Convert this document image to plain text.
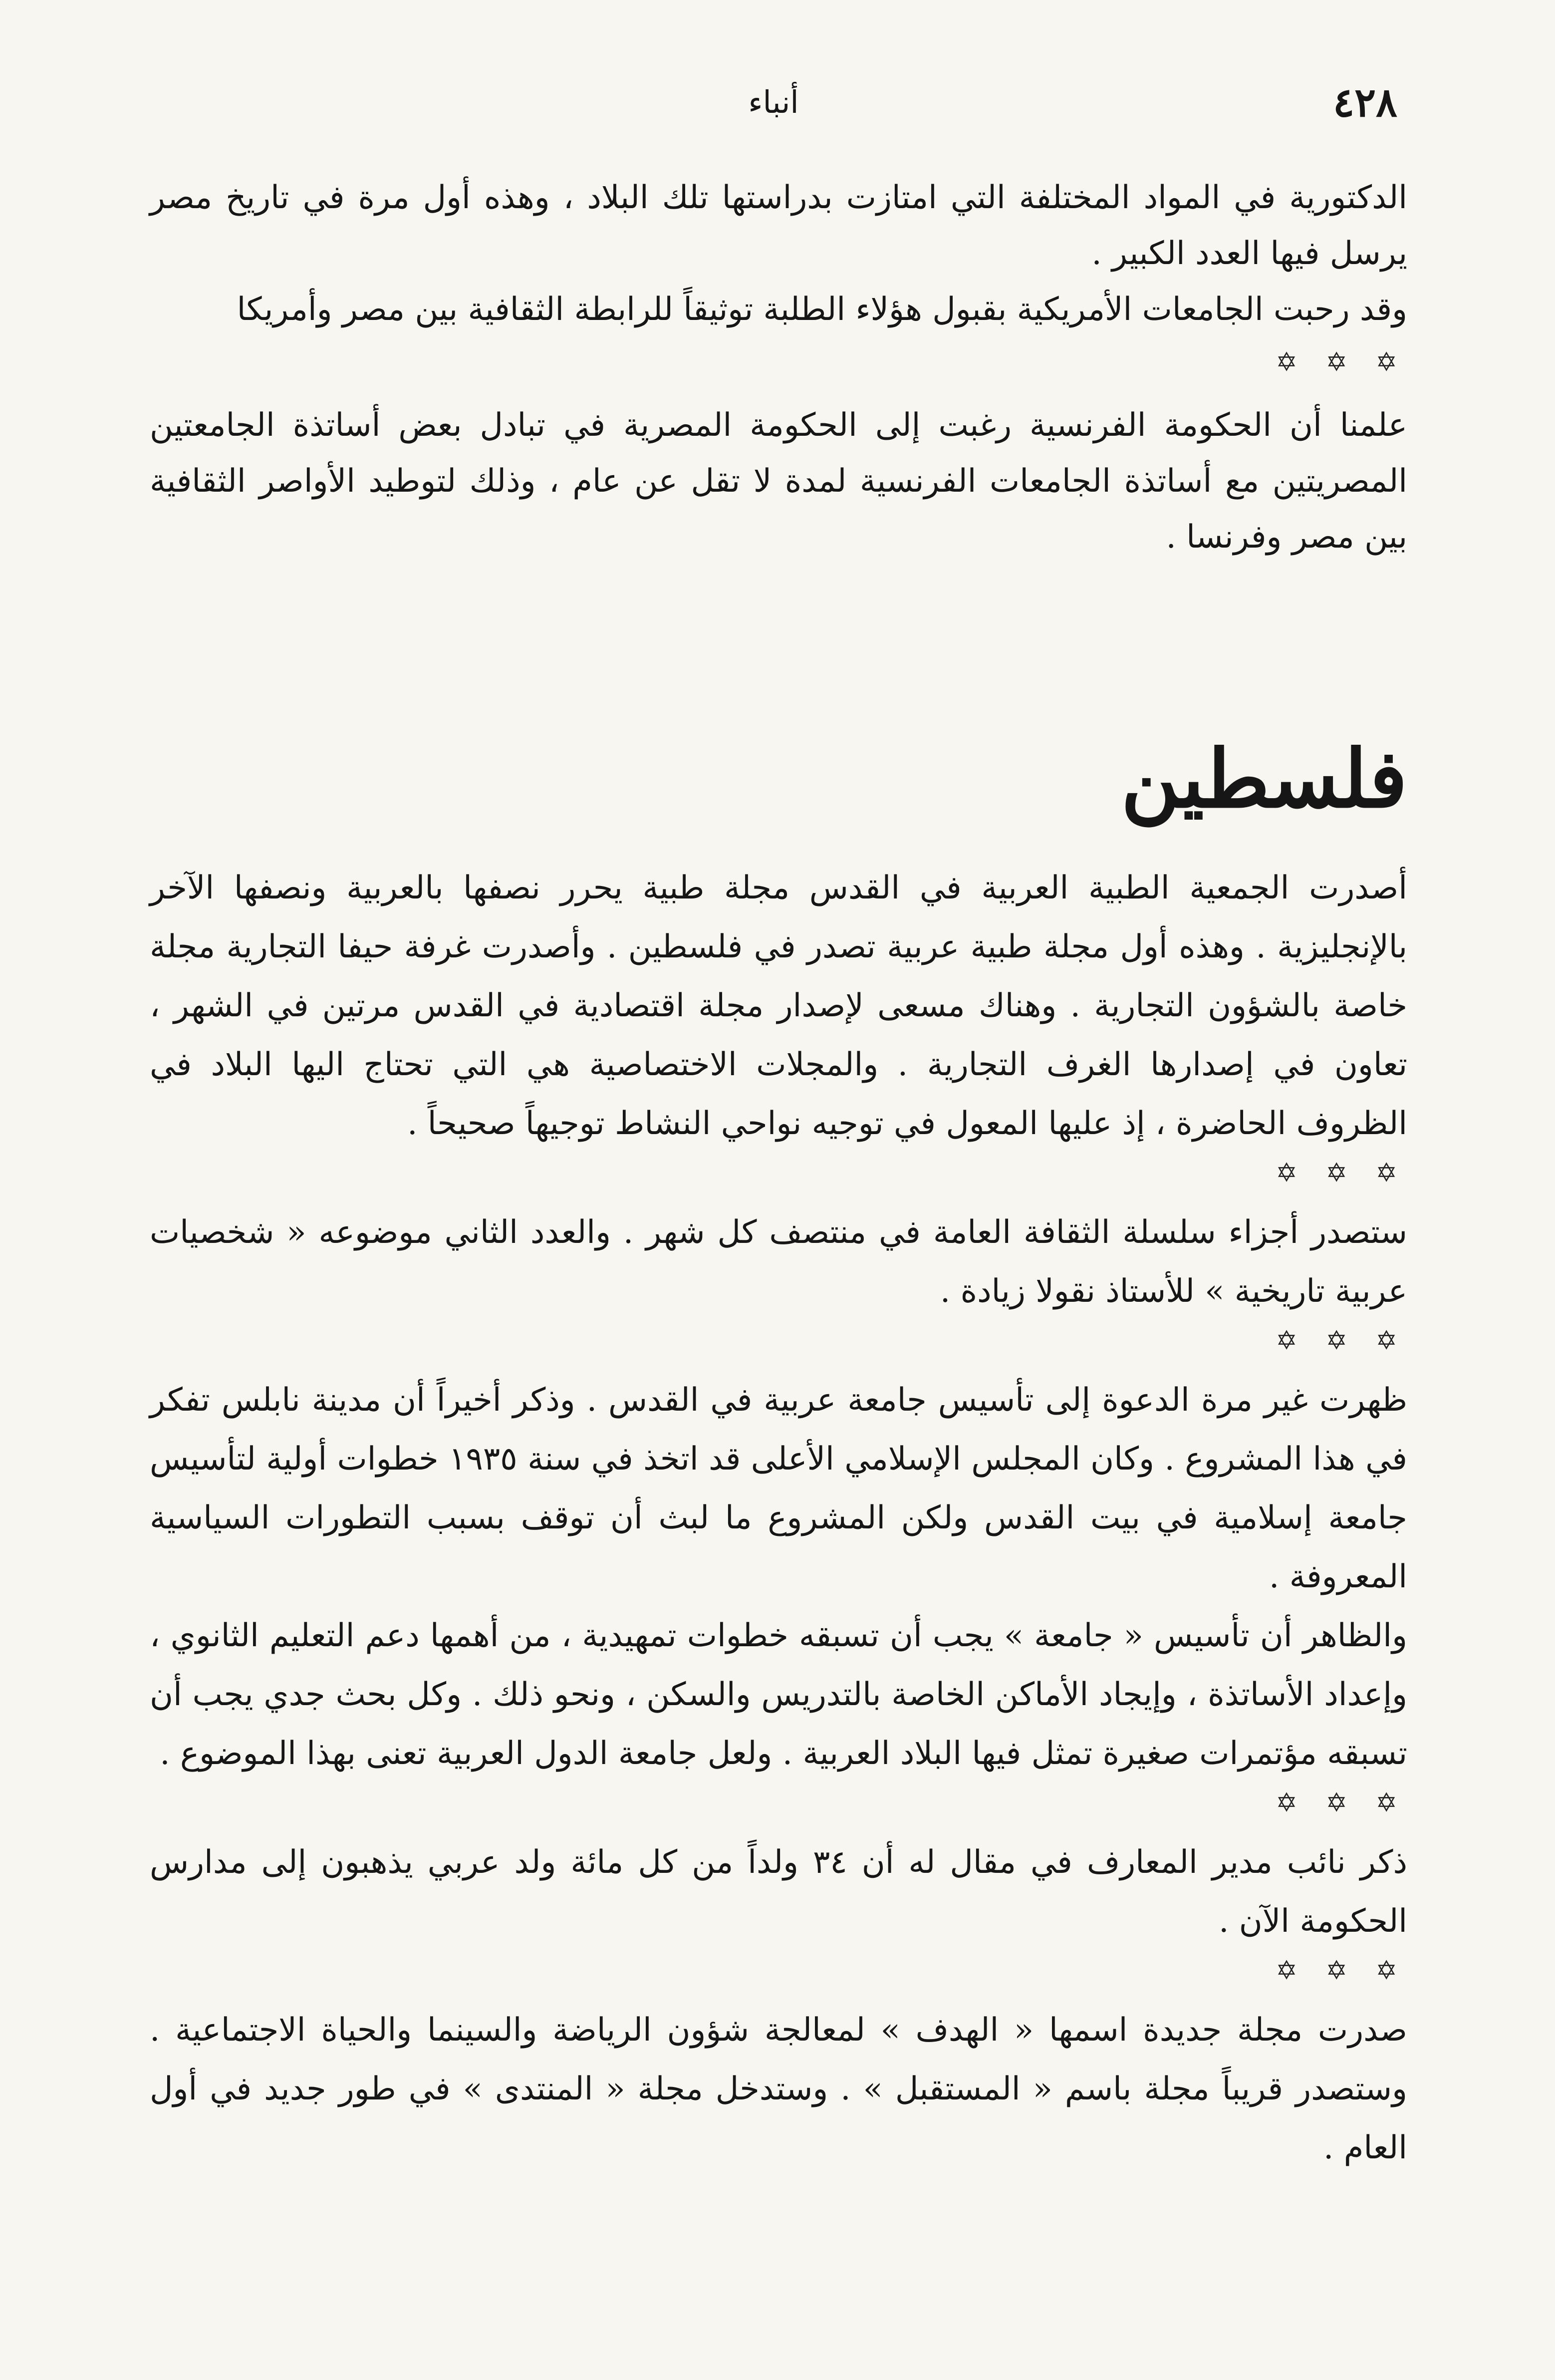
٤٢٨
أنباء

الدكتورية في المواد المختلفة التي امتازت بدراستها تلك البلاد ، وهذه أول مرة في تاريخ مصر يرسل فيها العدد الكبير .

وقد رحبت الجامعات الأمريكية بقبول هؤلاء الطلبة توثيقاً للرابطة الثقافية بين مصر وأمريكا

✡ ✡ ✡

علمنا أن الحكومة الفرنسية رغبت إلى الحكومة المصرية في تبادل بعض أساتذة الجامعتين المصريتين مع أساتذة الجامعات الفرنسية لمدة لا تقل عن عام ، وذلك لتوطيد الأواصر الثقافية بين مصر وفرنسا .

فلسطين

أصدرت الجمعية الطبية العربية في القدس مجلة طبية يحرر نصفها بالعربية ونصفها الآخر بالإنجليزية . وهذه أول مجلة طبية عربية تصدر في فلسطين . وأصدرت غرفة حيفا التجارية مجلة خاصة بالشؤون التجارية . وهناك مسعى لإصدار مجلة اقتصادية في القدس مرتين في الشهر ، تعاون في إصدارها الغرف التجارية . والمجلات الاختصاصية هي التي تحتاج اليها البلاد في الظروف الحاضرة ، إذ عليها المعول في توجيه نواحي النشاط توجيهاً صحيحاً .

✡ ✡ ✡

ستصدر أجزاء سلسلة الثقافة العامة في منتصف كل شهر . والعدد الثاني موضوعه « شخصيات عربية تاريخية » للأستاذ نقولا زيادة .

✡ ✡ ✡

ظهرت غير مرة الدعوة إلى تأسيس جامعة عربية في القدس . وذكر أخيراً أن مدينة نابلس تفكر في هذا المشروع . وكان المجلس الإسلامي الأعلى قد اتخذ في سنة ١٩٣٥ خطوات أولية لتأسيس جامعة إسلامية في بيت القدس ولكن المشروع ما لبث أن توقف بسبب التطورات السياسية المعروفة .

والظاهر أن تأسيس « جامعة » يجب أن تسبقه خطوات تمهيدية ، من أهمها دعم التعليم الثانوي ، وإعداد الأساتذة ، وإيجاد الأماكن الخاصة بالتدريس والسكن ، ونحو ذلك . وكل بحث جدي يجب أن تسبقه مؤتمرات صغيرة تمثل فيها البلاد العربية . ولعل جامعة الدول العربية تعنى بهذا الموضوع .

✡ ✡ ✡

ذكر نائب مدير المعارف في مقال له أن ٣٤ ولداً من كل مائة ولد عربي يذهبون إلى مدارس الحكومة الآن .

✡ ✡ ✡

صدرت مجلة جديدة اسمها « الهدف » لمعالجة شؤون الرياضة والسينما والحياة الاجتماعية . وستصدر قريباً مجلة باسم « المستقبل » . وستدخل مجلة « المنتدى » في طور جديد في أول العام .
